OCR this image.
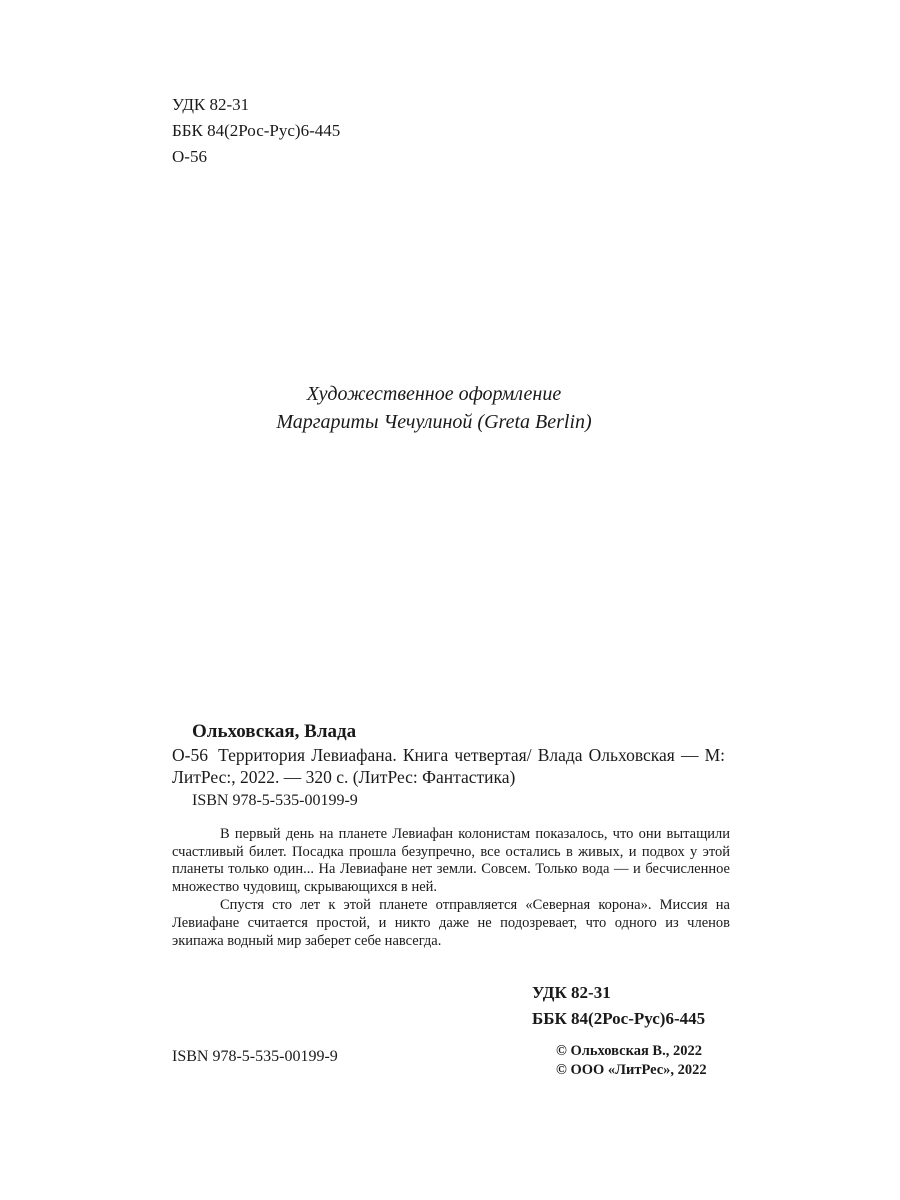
УДК 82-31
ББК 84(2Рос-Рус)6-445
О-56
Художественное оформление
Маргариты Чечулиной (Greta Berlin)
Ольховская, Влада
О-56 Территория Левиафана. Книга четвертая/ Влада Ольховская — М: ЛитРес:, 2022. — 320 с. (ЛитРес: Фантастика)
ISBN 978-5-535-00199-9

В первый день на планете Левиафан колонистам показалось, что они вытащили счастливый билет. Посадка прошла безупречно, все остались в живых, и подвох у этой планеты только один... На Левиафане нет земли. Совсем. Только вода — и бесчисленное множество чудовищ, скрывающихся в ней.

Спустя сто лет к этой планете отправляется «Северная корона». Миссия на Левиафане считается простой, и никто даже не подозревает, что одного из членов экипажа водный мир заберет себе навсегда.

УДК 82-31
ББК 84(2Рос-Рус)6-445
ISBN 978-5-535-00199-9	© Ольховская В., 2022
© ООО «ЛитРес», 2022
